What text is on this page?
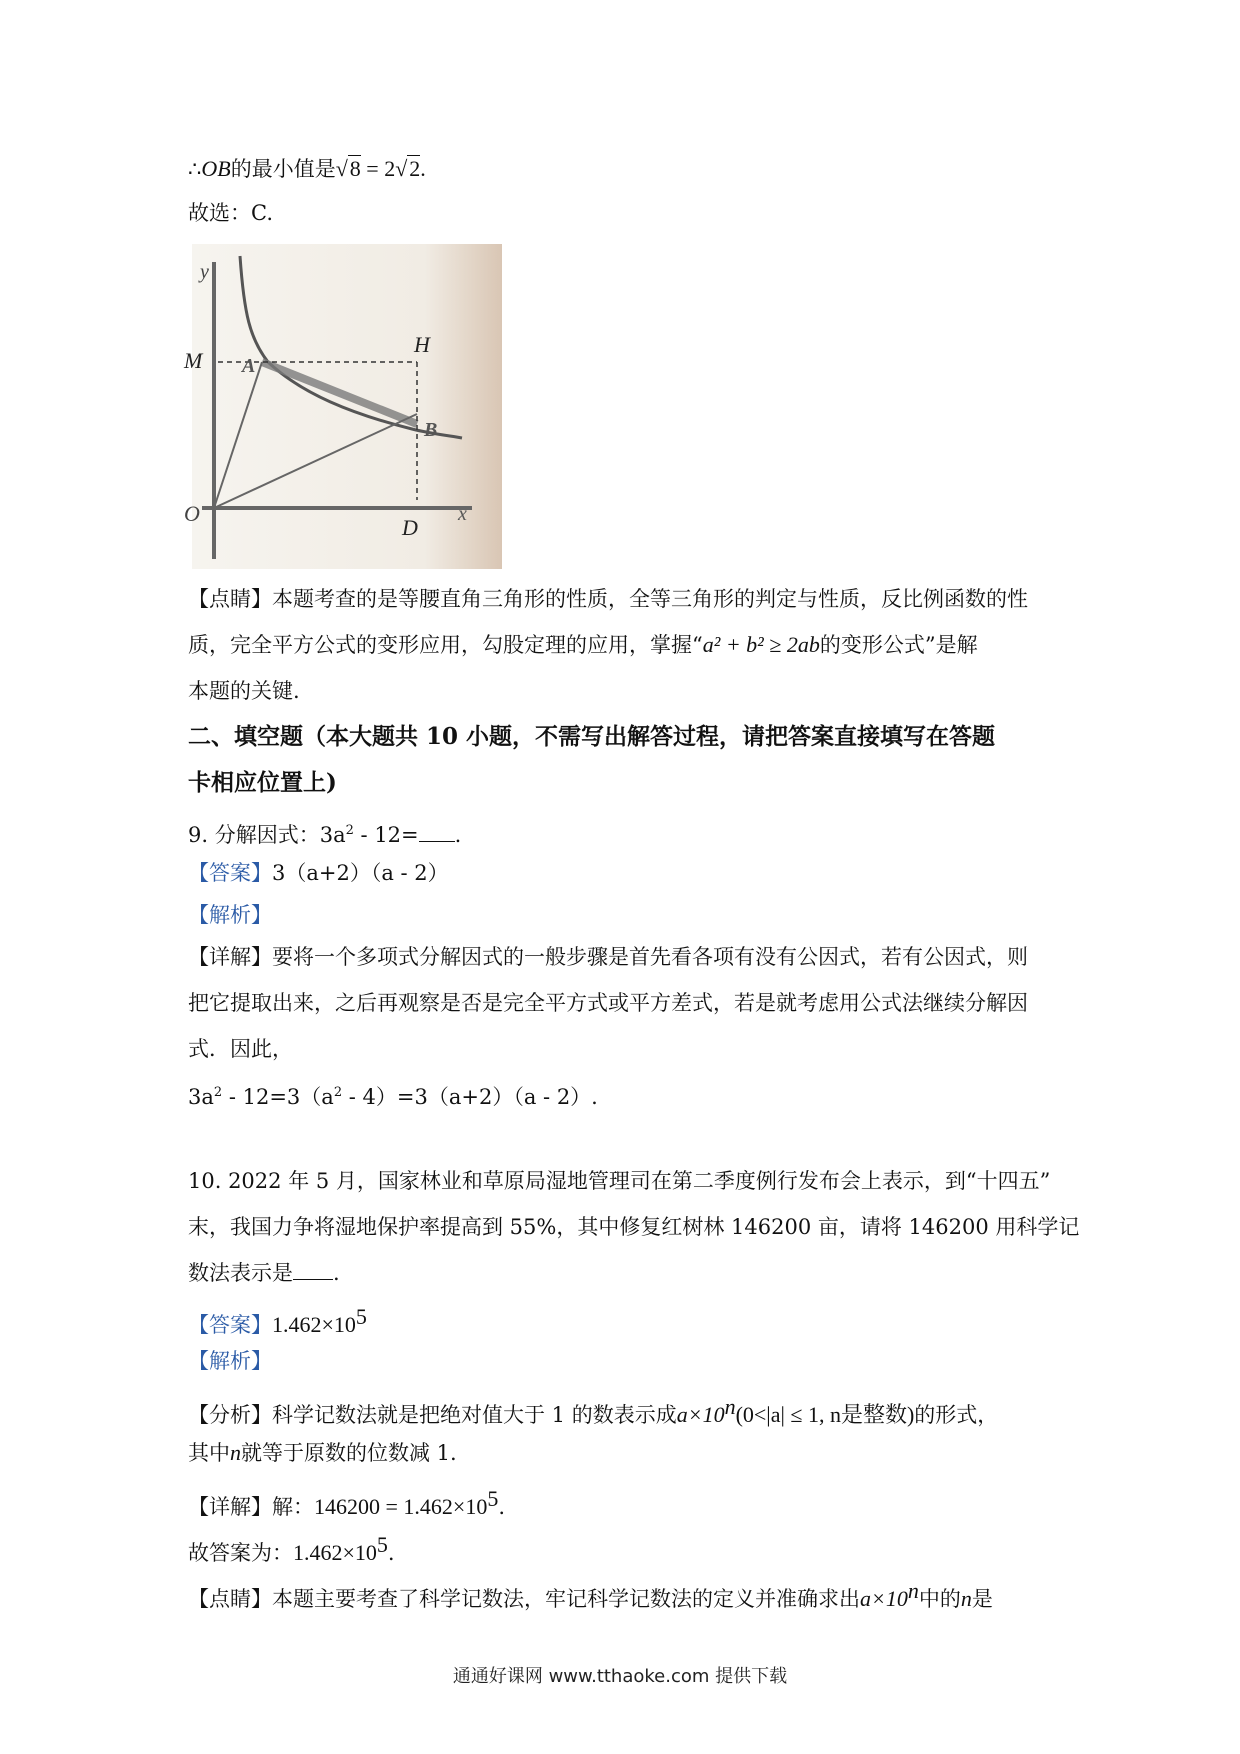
∴OB的最小值是√8 = 2√2.
故选：C.
y
M
H
A
B
O
D
x
【点睛】本题考查的是等腰直角三角形的性质，全等三角形的判定与性质，反比例函数的性
质，完全平方公式的变形应用，勾股定理的应用，掌握“a² + b² ≥ 2ab的变形公式”是解
本题的关键.
二、填空题（本大题共 10 小题，不需写出解答过程，请把答案直接填写在答题
卡相应位置上)
9. 分解因式：$3a^2 - 12=$ .
【答案】3（a+2）（a - 2）
【解析】
【详解】要将一个多项式分解因式的一般步骤是首先看各项有没有公因式，若有公因式，则
把它提取出来，之后再观察是否是完全平方式或平方差式，若是就考虑用公式法继续分解因
式．因此，
$3a^2 - 12=3(a^2 - 4)=3(a+2)(a - 2)$.
10. 2022 年 5 月，国家林业和草原局湿地管理司在第二季度例行发布会上表示，到“十四五”
末，我国力争将湿地保护率提高到 55%，其中修复红树林 146200 亩，请将 146200 用科学记
数法表示是 .
【答案】$1.462\times 10^5$
【解析】
【分析】科学记数法就是把绝对值大于 1 的数表示成$a\times 10^n(0<|a| \le 1$, n是整数)的形式，
其中n就等于原数的位数减 1.
【详解】解：$146200 = 1.462\times 10^5$.
故答案为：$1.462\times 10^5$.
【点睛】本题主要考查了科学记数法，牢记科学记数法的定义并准确求出$a\times 10^n$中的n是
通通好课网 www.tthaoke.com 提供下载
